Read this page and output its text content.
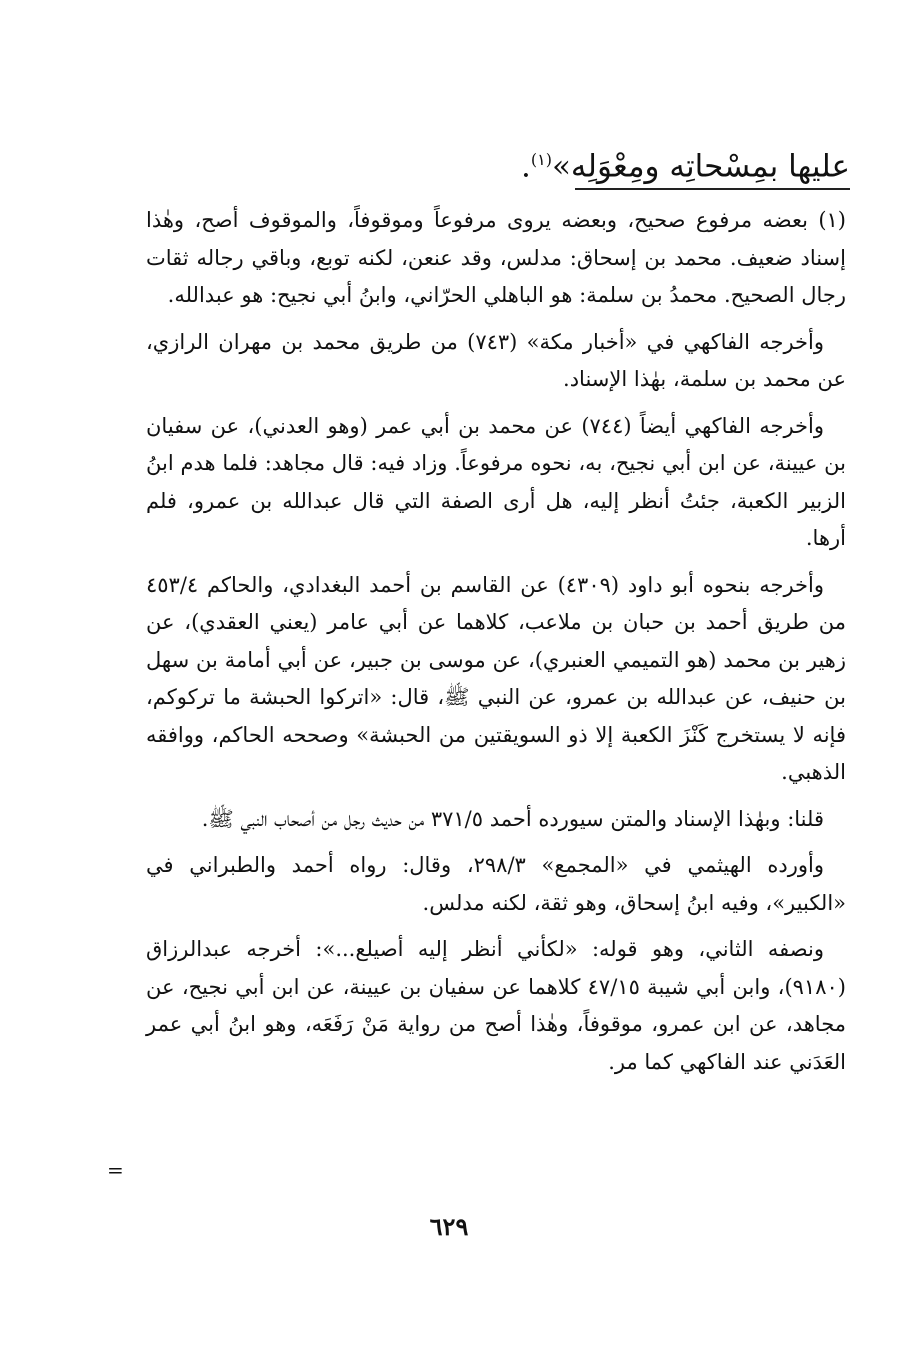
عليها بمِسْحاتِه ومِعْوَلِه»$^{(١)}$.

(١) بعضه مرفوع صحيح، وبعضه يروى مرفوعاً وموقوفاً، والموقوف أصح، وهٰذا إسناد ضعيف. محمد بن إسحاق: مدلس، وقد عنعن، لكنه توبع، وباقي رجاله ثقات رجال الصحيح. محمدُ بن سلمة: هو الباهلي الحرّاني، وابنُ أبي نجيح: هو عبدالله.

وأخرجه الفاكهي في «أخبار مكة» (٧٤٣) من طريق محمد بن مهران الرازي، عن محمد بن سلمة، بهٰذا الإسناد.

وأخرجه الفاكهي أيضاً (٧٤٤) عن محمد بن أبي عمر (وهو العدني)، عن سفيان بن عيينة، عن ابن أبي نجيح، به، نحوه مرفوعاً. وزاد فيه: قال مجاهد: فلما هدم ابنُ الزبير الكعبة، جئتُ أنظر إليه، هل أرى الصفة التي قال عبدالله بن عمرو، فلم أرها.

وأخرجه بنحوه أبو داود (٤٣٠٩) عن القاسم بن أحمد البغدادي، والحاكم ٤٥٣/٤ من طريق أحمد بن حبان بن ملاعب، كلاهما عن أبي عامر (يعني العقدي)، عن زهير بن محمد (هو التميمي العنبري)، عن موسى بن جبير، عن أبي أمامة بن سهل بن حنيف، عن عبدالله بن عمرو، عن النبي ﷺ، قال: «اتركوا الحبشة ما تركوكم، فإنه لا يستخرج كَنْزَ الكعبة إلا ذو السويقتين من الحبشة» وصححه الحاكم، ووافقه الذهبي.

قلنا: وبهٰذا الإسناد والمتن سيورده أحمد ٣٧١/٥ من حديث رجل من أصحاب النبي ﷺ.

وأورده الهيثمي في «المجمع» ٢٩٨/٣، وقال: رواه أحمد والطبراني في «الكبير»، وفيه ابنُ إسحاق، وهو ثقة، لكنه مدلس.

ونصفه الثاني، وهو قوله: «لكأني أنظر إليه أصيلع...»: أخرجه عبدالرزاق (٩١٨٠)، وابن أبي شيبة ٤٧/١٥ كلاهما عن سفيان بن عيينة، عن ابن أبي نجيح، عن مجاهد، عن ابن عمرو، موقوفاً، وهٰذا أصح من رواية مَنْ رَفَعَه، وهو ابنُ أبي عمر العَدَني عند الفاكهي كما مر.

=
٦٢٩
